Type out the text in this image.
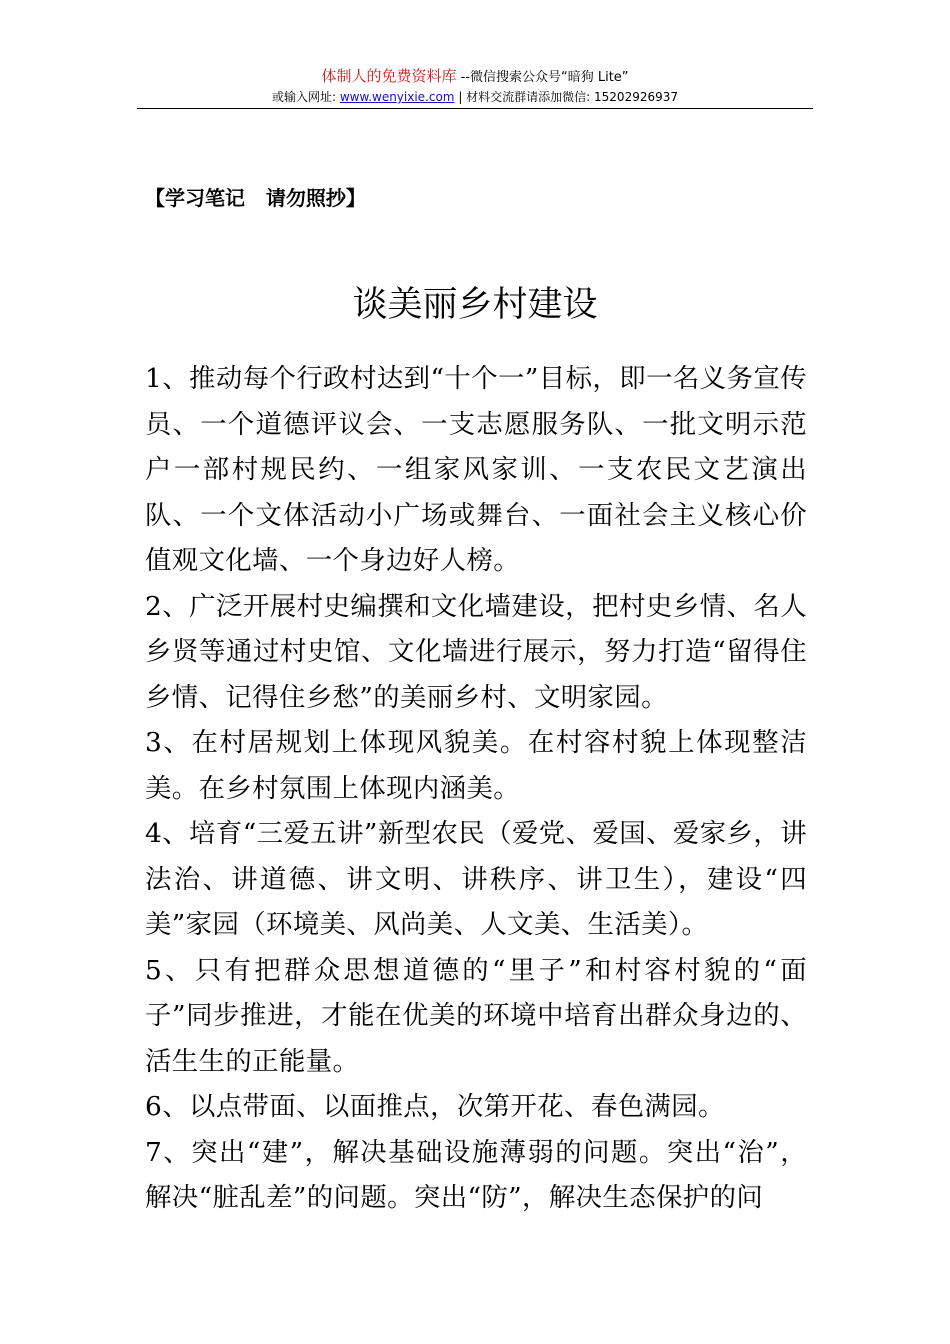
体制人的免费资料库 --微信搜索公众号“暗狗 Lite”
或输入网址: www.wenyixie.com | 材料交流群请添加微信: 15202926937
【学习笔记   请勿照抄】
谈美丽乡村建设

1、推动每个行政村达到“十个一”目标，即一名义务宣传员、一个道德评议会、一支志愿服务队、一批文明示范户一部村规民约、一组家风家训、一支农民文艺演出队、一个文体活动小广场或舞台、一面社会主义核心价值观文化墙、一个身边好人榜。

2、广泛开展村史编撰和文化墙建设，把村史乡情、名人乡贤等通过村史馆、文化墙进行展示，努力打造“留得住乡情、记得住乡愁”的美丽乡村、文明家园。

3、在村居规划上体现风貌美。在村容村貌上体现整洁美。在乡村氛围上体现内涵美。

4、培育“三爱五讲”新型农民（爱党、爱国、爱家乡，讲法治、讲道德、讲文明、讲秩序、讲卫生），建设“四美”家园（环境美、风尚美、人文美、生活美）。

5、只有把群众思想道德的“里子”和村容村貌的“面子”同步推进，才能在优美的环境中培育出群众身边的、活生生的正能量。

6、以点带面、以面推点，次第开花、春色满园。

7、突出“建”，解决基础设施薄弱的问题。突出“治”，解决“脏乱差”的问题。突出“防”，解决生态保护的问
